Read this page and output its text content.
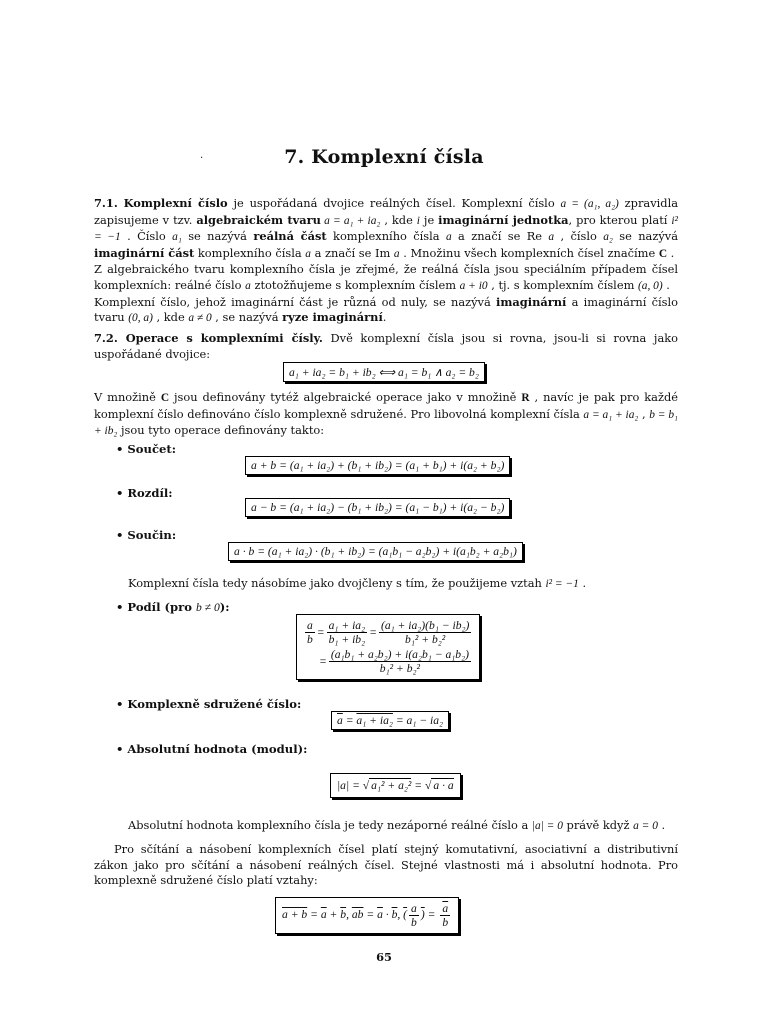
.	7. Komplexní čísla
7.1. Komplexní číslo je uspořádaná dvojice reálných čísel. Komplexní číslo a = (a₁, a₂) zpravidla zapisujeme v tzv. algebraickém tvaru a = a₁ + ia₂ , kde i je imaginární jednotka, pro kterou platí i² = −1 . Číslo a₁ se nazývá reálná část komplexního čísla a a značí se Re a , číslo a₂ se nazývá imaginární část komplexního čísla a a značí se Im a . Množinu všech komplexních čísel značíme C .
Z algebraického tvaru komplexního čísla je zřejmé, že reálná čísla jsou speciálním případem čísel komplexních: reálné číslo a ztotožňujeme s komplexním číslem a + i0 , tj. s komplexním číslem (a, 0) .
Komplexní číslo, jehož imaginární část je různá od nuly, se nazývá imaginární a imaginární číslo tvaru (0, a) , kde a ≠ 0 , se nazývá ryze imaginární.
7.2. Operace s komplexními čísly. Dvě komplexní čísla jsou si rovna, jsou-li si rovna jako uspořádané dvojice:
a₁ + ia₂ = b₁ + ib₂ ⟺ a₁ = b₁ ∧ a₂ = b₂
V množině C jsou definovány tytéž algebraické operace jako v množině R , navíc je pak pro každé komplexní číslo definováno číslo komplexně sdružené. Pro libovolná komplexní čísla a = a₁ + ia₂ , b = b₁ + ib₂ jsou tyto operace definovány takto:
• Součet:
a + b = (a₁ + ia₂) + (b₁ + ib₂) = (a₁ + b₁) + i(a₂ + b₂)
• Rozdíl:
a − b = (a₁ + ia₂) − (b₁ + ib₂) = (a₁ − b₁) + i(a₂ − b₂)
• Součin:
a · b = (a₁ + ia₂) · (b₁ + ib₂) = (a₁b₁ − a₂b₂) + i(a₁b₂ + a₂b₁)
Komplexní čísla tedy násobíme jako dvojčleny s tím, že použijeme vztah i² = −1 .
• Podíl (pro b ≠ 0):
$\frac{a}{b} = \frac{\text{a₁ + ia₂}}{\text{b₁ + ib₂}} = \frac{\text{(a₁ + ia₂)(b₁ − ib₂)}}{\text{b₁² + b₂²}}$
= $\frac{\text{(a₁b₁ + a₂b₂) + i(a₂b₁ − a₁b₂)}}{\text{b₁² + b₂²}}$
• Komplexně sdružené číslo:
$\overline{a} = a_1 + ia_2 = a_1 - ia_2$
• Absolutní hodnota (modul):
|a| = √ a₁² + a₂² = √ $a \cdot \overline{a}$
Absolutní hodnota komplexního čísla je tedy nezáporné reálné číslo a |a| = 0 právě když a = 0 .
Pro sčítání a násobení komplexních čísel platí stejný komutativní, asociativní a distributivní zákon jako pro sčítání a násobení reálných čísel. Stejné vlastnosti má i absolutní hodnota. Pro komplexně sdružené číslo platí vztahy:
$a + b = \overline{a} + \overline{b}$, $\overline{ab} = \overline{a} \cdot \overline{b}$, ( $\frac{a}{b}$ ) = $\frac{\overline{a}}{b}$
65
